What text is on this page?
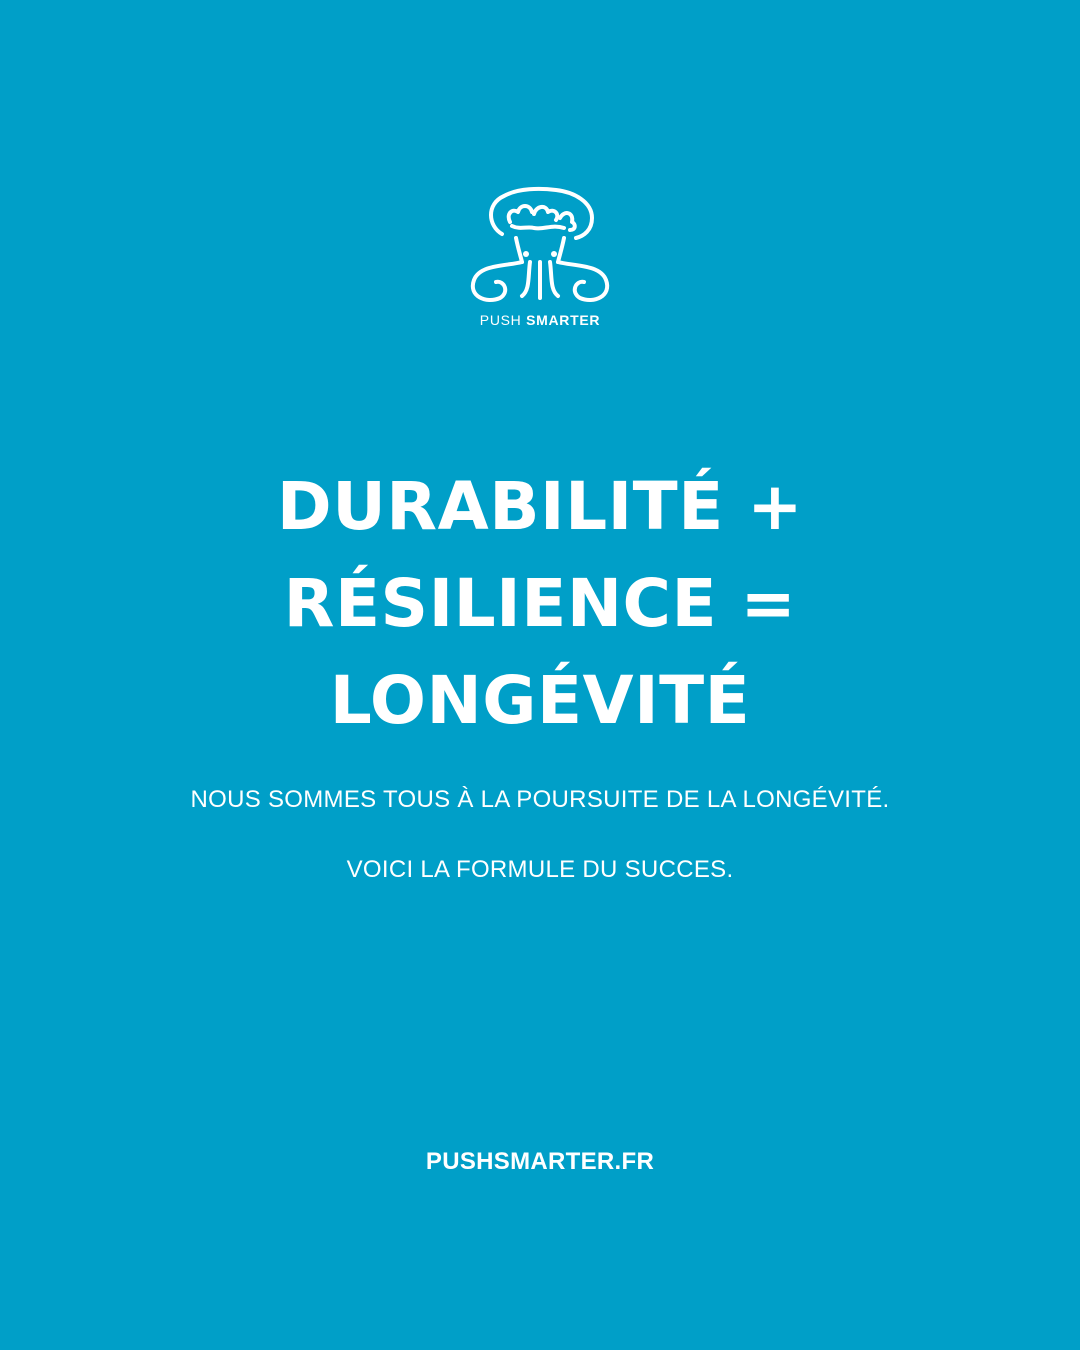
PUSH SMARTER
DURABILITÉ +
RÉSILIENCE =
LONGÉVITÉ
NOUS SOMMES TOUS À LA POURSUITE DE LA LONGÉVITÉ.
VOICI LA FORMULE DU SUCCES.
PUSHSMARTER.FR
